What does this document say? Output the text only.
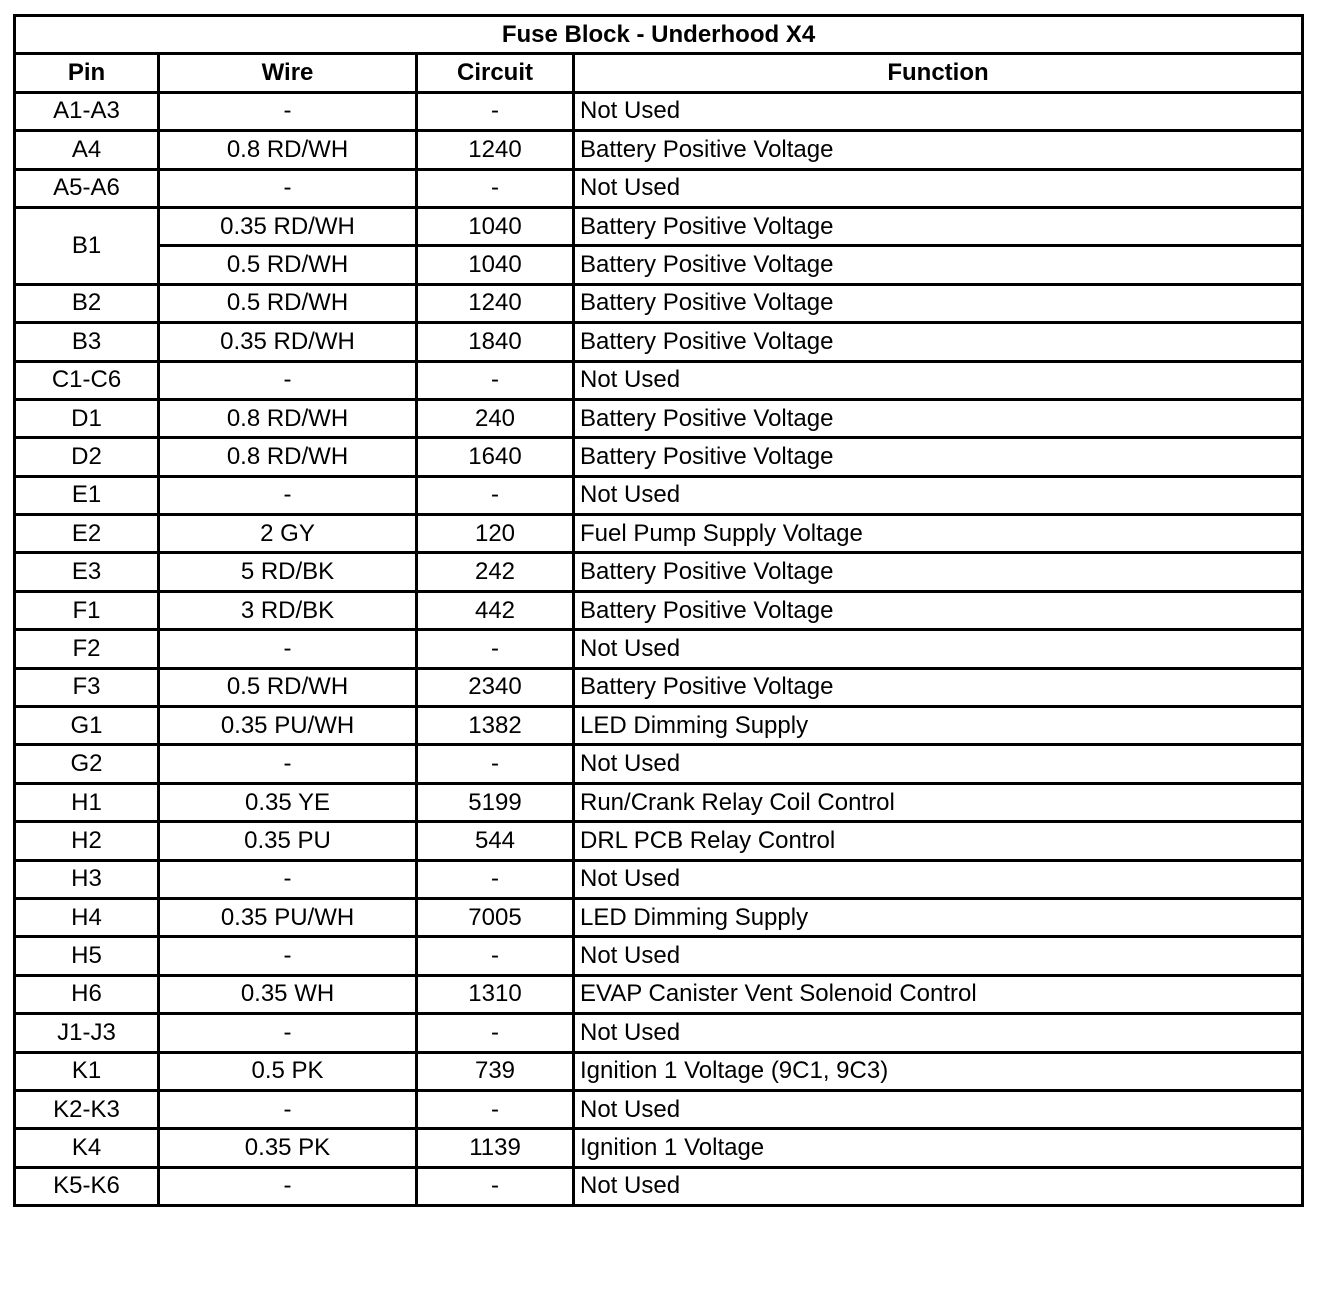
Fuse Block - Underhood X4			
Pin	Wire	Circuit	Function
A1-A3	-	-	Not Used
A4	0.8 RD/WH	1240	Battery Positive Voltage
A5-A6	-	-	Not Used
B1	0.35 RD/WH	1040	Battery Positive Voltage
	0.5 RD/WH	1040	Battery Positive Voltage
B2	0.5 RD/WH	1240	Battery Positive Voltage
B3	0.35 RD/WH	1840	Battery Positive Voltage
C1-C6	-	-	Not Used
D1	0.8 RD/WH	240	Battery Positive Voltage
D2	0.8 RD/WH	1640	Battery Positive Voltage
E1	-	-	Not Used
E2	2 GY	120	Fuel Pump Supply Voltage
E3	5 RD/BK	242	Battery Positive Voltage
F1	3 RD/BK	442	Battery Positive Voltage
F2	-	-	Not Used
F3	0.5 RD/WH	2340	Battery Positive Voltage
G1	0.35 PU/WH	1382	LED Dimming Supply
G2	-	-	Not Used
H1	0.35 YE	5199	Run/Crank Relay Coil Control
H2	0.35 PU	544	DRL PCB Relay Control
H3	-	-	Not Used
H4	0.35 PU/WH	7005	LED Dimming Supply
H5	-	-	Not Used
H6	0.35 WH	1310	EVAP Canister Vent Solenoid Control
J1-J3	-	-	Not Used
K1	0.5 PK	739	Ignition 1 Voltage (9C1, 9C3)
K2-K3	-	-	Not Used
K4	0.35 PK	1139	Ignition 1 Voltage
K5-K6	-	-	Not Used
